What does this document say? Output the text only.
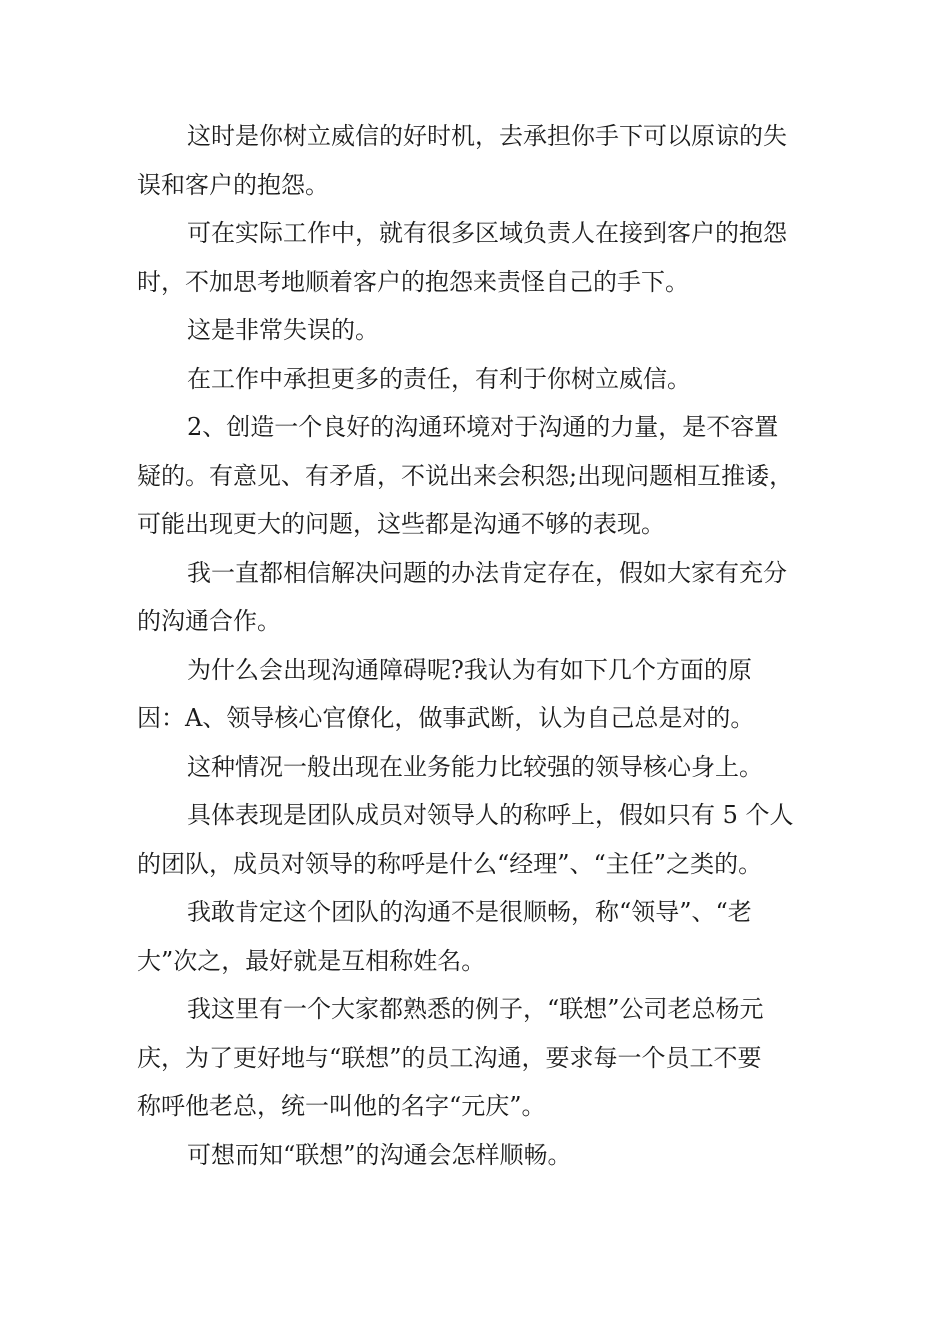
这时是你树立威信的好时机，去承担你手下可以原谅的失
误和客户的抱怨。
可在实际工作中，就有很多区域负责人在接到客户的抱怨
时，不加思考地顺着客户的抱怨来责怪自己的手下。
这是非常失误的。
在工作中承担更多的责任，有利于你树立威信。
2、创造一个良好的沟通环境对于沟通的力量，是不容置
疑的。有意见、有矛盾，不说出来会积怨;出现问题相互推诿，
可能出现更大的问题，这些都是沟通不够的表现。
我一直都相信解决问题的办法肯定存在，假如大家有充分
的沟通合作。
为什么会出现沟通障碍呢?我认为有如下几个方面的原
因：A、领导核心官僚化，做事武断，认为自己总是对的。
这种情况一般出现在业务能力比较强的领导核心身上。
具体表现是团队成员对领导人的称呼上，假如只有 5 个人
的团队，成员对领导的称呼是什么“经理”、“主任”之类的。
我敢肯定这个团队的沟通不是很顺畅，称“领导”、“老
大”次之，最好就是互相称姓名。
我这里有一个大家都熟悉的例子，“联想”公司老总杨元
庆，为了更好地与“联想”的员工沟通，要求每一个员工不要
称呼他老总，统一叫他的名字“元庆”。
可想而知“联想”的沟通会怎样顺畅。
